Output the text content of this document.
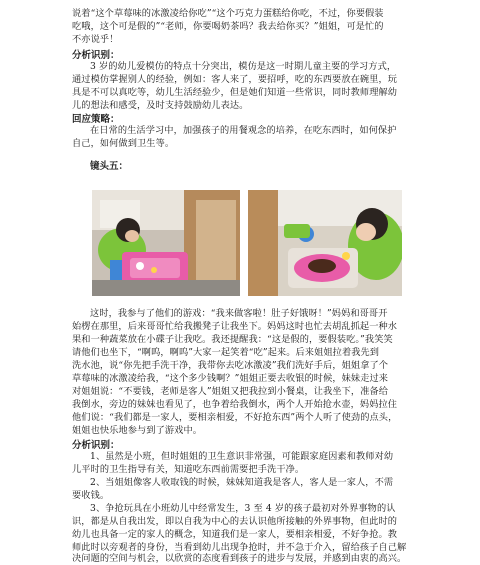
说着“这个草莓味的冰激凌给你吃”“这个巧克力蛋糕给你吃，不过，你要假装
吃哦，这个可是假的”“老师，你要喝奶茶吗？我去给你买？”姐姐，可是忙的
不亦说乎！
分析识别：
3 岁的幼儿爱模仿的特点十分突出，模仿是这一时期儿童主要的学习方式，
通过模仿掌握别人的经验，例如：客人来了，要招呼，吃的东西要放在碗里，玩
具是不可以真吃等，幼儿生活经验少，但是她们知道一些常识，同时教师理解幼
儿的想法和感受，及时支持鼓励幼儿表达。
回应策略：
在日常的生活学习中，加强孩子的用餐观念的培养，在吃东西时，如何保护
自己，如何做到卫生等。
镜头五：
这时，我参与了他们的游戏：“我来做客啦！肚子好饿呀！”妈妈和哥哥开
始楞在那里，后来哥哥忙给我搬凳子让我坐下。妈妈这时也忙去胡乱抓起一种水
果和一种蔬菜放在小碟子让我吃。我还提醒我：“这是假的，要假装吃。”我笑笑
请他们也坐下，“啊呜，啊呜”大家一起笑着“吃”起来。后来姐姐拉着我先到
洗水池，说“你先把手洗干净，我带你去吃冰激凌”我们洗好手后，姐姐拿了个
草莓味的冰激凌给我，“这个多少钱啊？”姐姐正要去收银的时候，妹妹走过来
对姐姐说：“不要钱，老师是客人”姐姐又把我拉到小餐桌，让我坐下，准备给
我倒水，旁边的妹妹也看见了，也争着给我倒水，两个人开始抢水壶，妈妈拉住
他们说：“我们都是一家人，要相亲相爱，不好抢东西”两个人听了使劲的点头，
姐姐也快乐地参与到了游戏中。
分析识别：
1、虽然是小班，但时姐姐的卫生意识非常强，可能跟家庭因素和教师对幼
儿平时的卫生指导有关，知道吃东西前需要把手洗干净。
2、当姐姐像客人收取钱的时候，妹妹知道我是客人，客人是一家人，不需
要收钱。
3、争抢玩具在小班幼儿中经常发生，3 至 4 岁的孩子最初对外界事物的认
识，都是从自我出发，即以自我为中心的去认识他所接触的外界事物，但此时的
幼儿也具备一定的家人的概念，知道我们是一家人，要相亲相爱，不好争抢。教
师此时以旁观者的身份，当看到幼儿出现争抢时，并不急于介入，留给孩子自己解
决问题的空间与机会，以欣赏的态度看到孩子的进步与发展，并感到由衷的高兴。
